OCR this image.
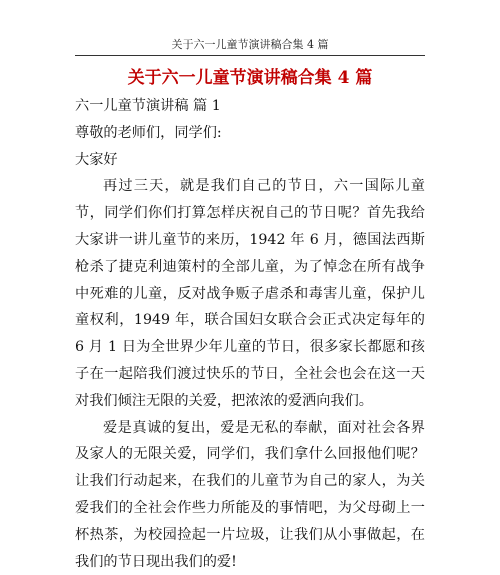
关于六一儿童节演讲稿合集 4 篇
关于六一儿童节演讲稿合集 4 篇

六一儿童节演讲稿 篇 1

尊敬的老师们，同学们:

大家好

再过三天，就是我们自己的节日，六一国际儿童节，同学们你们打算怎样庆祝自己的节日呢？首先我给大家讲一讲儿童节的来历，1942 年 6 月，德国法西斯枪杀了捷克利迪策村的全部儿童，为了悼念在所有战争中死难的儿童，反对战争贩子虐杀和毒害儿童，保护儿童权利，1949 年，联合国妇女联合会正式决定每年的 6 月 1 日为全世界少年儿童的节日，很多家长都愿和孩子在一起陪我们渡过快乐的节日，全社会也会在这一天对我们倾注无限的关爱，把浓浓的爱洒向我们。

爱是真诚的复出，爱是无私的奉献，面对社会各界及家人的无限关爱，同学们，我们拿什么回报他们呢？让我们行动起来，在我们的儿童节为自己的家人，为关爱我们的全社会作些力所能及的事情吧，为父母砌上一杯热茶，为校园捡起一片垃圾，让我们从小事做起，在我们的节日现出我们的爱!
